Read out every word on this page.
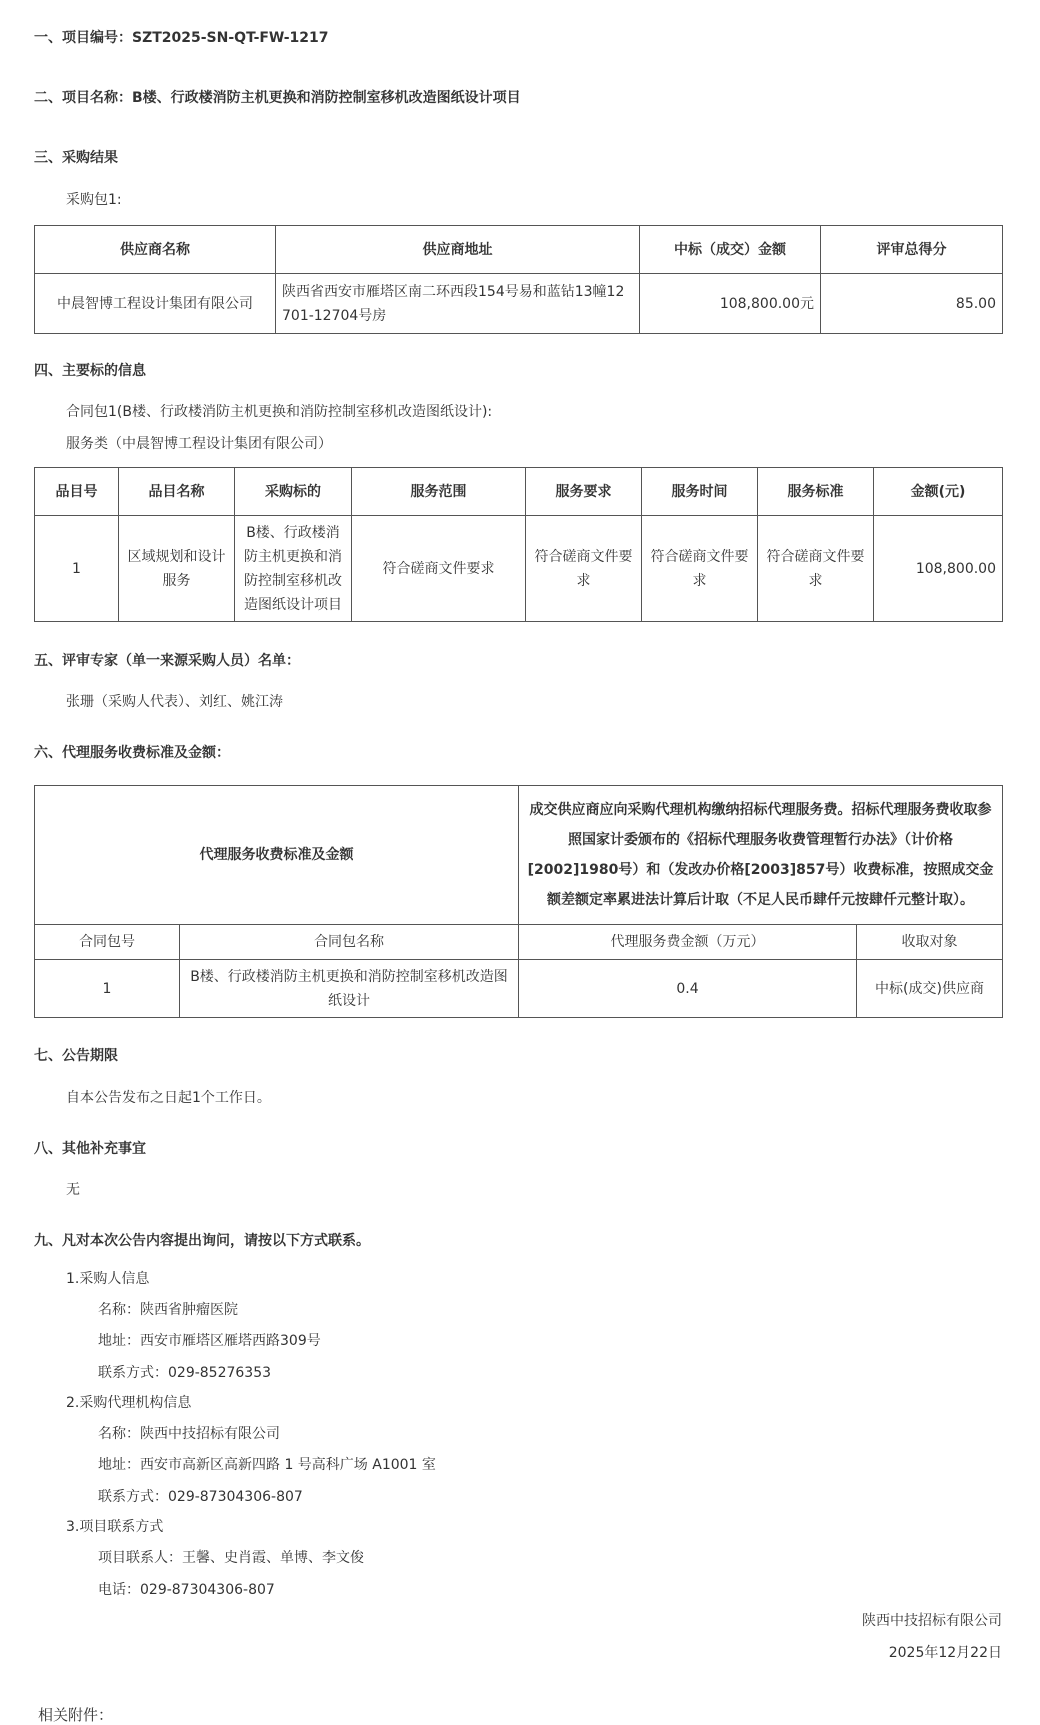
一、项目编号：SZT2025-SN-QT-FW-1217
二、项目名称：B楼、行政楼消防主机更换和消防控制室移机改造图纸设计项目
三、采购结果
采购包1:
供应商名称	供应商地址	中标（成交）金额	评审总得分
中晨智博工程设计集团有限公司	陕西省西安市雁塔区南二环西段154号易和蓝钻13幢12701-12704号房	108,800.00元	85.00
四、主要标的信息
合同包1(B楼、行政楼消防主机更换和消防控制室移机改造图纸设计):
服务类（中晨智博工程设计集团有限公司）
品目号	品目名称	采购标的	服务范围	服务要求	服务时间	服务标准	金额(元)
1	区域规划和设计服务	B楼、行政楼消防主机更换和消防控制室移机改造图纸设计项目	符合磋商文件要求	符合磋商文件要求	符合磋商文件要求	符合磋商文件要求	108,800.00
五、评审专家（单一来源采购人员）名单：
张珊（采购人代表）、刘红、姚江涛
六、代理服务收费标准及金额：
代理服务收费标准及金额		成交供应商应向采购代理机构缴纳招标代理服务费。招标代理服务费收取参照国家计委颁布的《招标代理服务收费管理暂行办法》（计价格[2002]1980号）和（发改办价格[2003]857号）收费标准，按照成交金额差额定率累进法计算后计取（不足人民币肆仟元按肆仟元整计取）。	
合同包号	合同包名称	代理服务费金额（万元）	收取对象
1	B楼、行政楼消防主机更换和消防控制室移机改造图纸设计	0.4	中标(成交)供应商
七、公告期限
自本公告发布之日起1个工作日。
八、其他补充事宜
无
九、凡对本次公告内容提出询问，请按以下方式联系。
1.采购人信息
名称：陕西省肿瘤医院
地址：西安市雁塔区雁塔西路309号
联系方式：029-85276353
2.采购代理机构信息
名称：陕西中技招标有限公司
地址：西安市高新区高新四路 1 号高科广场 A1001 室
联系方式：029-87304306-807
3.项目联系方式
项目联系人：王馨、史肖霞、单博、李文俊
电话：029-87304306-807
陕西中技招标有限公司
2025年12月22日
相关附件：
